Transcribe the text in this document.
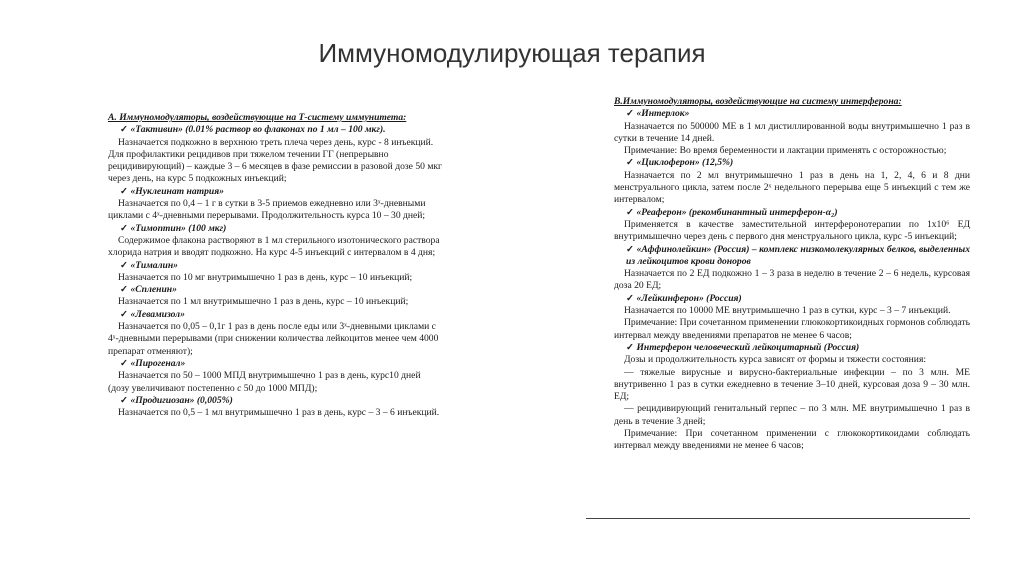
Иммуномодулирующая терапия

А. Иммуномодуляторы, воздействующие на Т-систему иммунитета:

✓ «Тактивин» (0.01% раствор во флаконах по 1 мл – 100 мкг).

Назначается подкожно в верхнюю треть плеча через день, курс - 8 инъекций. Для профилактики рецидивов при тяжелом течении ГГ (непрерывно рецидивирующий) – каждые 3 – 6 месяцев в фазе ремиссии в разовой дозе 50 мкг через день, на курс 5 подкожных инъекций;

✓ «Нуклеинат натрия»

Назначается по 0,4 – 1 г в сутки в 3-5 приемов ежедневно или 3ˣ-дневными циклами с 4ˣ-дневными перерывами. Продолжительность курса 10 – 30 дней;

✓ «Тимоптин» (100 мкг)

Содержимое флакона растворяют в 1 мл стерильного изотонического раствора хлорида натрия и вводят подкожно. На курс 4-5 инъекций с интервалом в 4 дня;

✓ «Тималин»

Назначается по 10 мг внутримышечно 1 раз в день, курс – 10 инъекций;

✓ «Спленин»

Назначается по 1 мл внутримышечно 1 раз в день, курс – 10 инъекций;

✓ «Левамизол»

Назначается по 0,05 – 0,1г 1 раз в день после еды или 3ˣ-дневными циклами с 4ˣ-дневными перерывами (при снижении количества лейкоцитов менее чем 4000 препарат отменяют);

✓ «Пирогенал»

Назначается по 50 – 1000 МПД внутримышечно 1 раз в день, курс10 дней (дозу увеличивают постепенно с 50 до 1000 МПД);

✓ «Продигиозан» (0,005%)

Назначается по 0,5 – 1 мл внутримышечно 1 раз в день, курс – 3 – 6 инъекций.

В.Иммуномодуляторы, воздействующие на систему интерферона:

✓ «Интерлок»

Назначается по 500000 МЕ в 1 мл дистиллированной воды внутримышечно 1 раз в сутки в течение 14 дней.

Примечание: Во время беременности и лактации применять с осторожностью;

✓ «Циклоферон» (12,5%)

Назначается по 2 мл внутримышечно 1 раз в день на 1, 2, 4, 6 и 8 дни менструального цикла, затем после 2ˣ недельного перерыва еще 5 инъекций с тем же интервалом;

✓ «Реаферон» (рекомбинантный интерферон-α₂)

Применяется в качестве заместительной интерферонотерапии по 1х10⁶ ЕД внутримышечно через день с первого дня менструального цикла, курс -5 инъекций;

✓ «Аффинолейкин» (Россия) – комплекс низкомолекулярных белков, выделенных из лейкоцитов крови доноров

Назначается по 2 ЕД подкожно 1 – 3 раза в неделю в течение 2 – 6 недель, курсовая доза 20 ЕД;

✓ «Лейкинферон» (Россия)

Назначается по 10000 МЕ внутримышечно 1 раз в сутки, курс – 3 – 7 инъекций.

Примечание: При сочетанном применении глюкокортикоидных гормонов соблюдать интервал между введениями препаратов не менее 6 часов;

✓ Интерферон человеческий лейкоцитарный (Россия)

Дозы и продолжительность курса зависят от формы и тяжести состояния:

— тяжелые вирусные и вирусно-бактериальные инфекции – по 3 млн. МЕ внутривенно 1 раз в сутки ежедневно в течение 3–10 дней, курсовая доза 9 – 30 млн. ЕД;

— рецидивирующий генитальный герпес – по 3 млн. МЕ внутримышечно 1 раз в день в течение 3 дней;

Примечание: При сочетанном применении с глюкокортикоидами соблюдать интервал между введениями не менее 6 часов;
